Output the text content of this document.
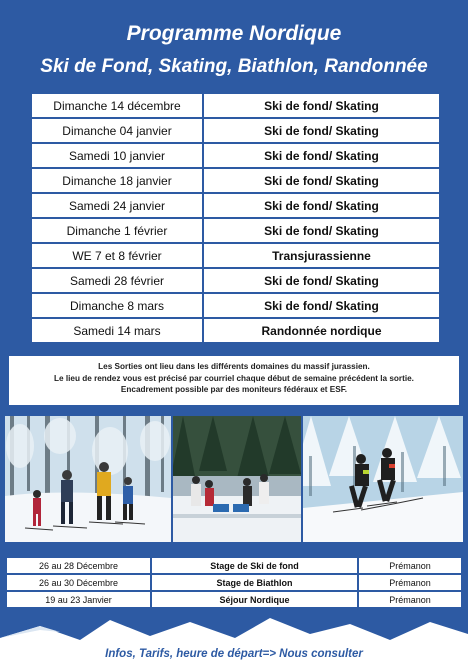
Programme Nordique
Ski de Fond, Skating, Biathlon, Randonnée
Dimanche 14 décembre	Ski de fond/ Skating
Dimanche 04 janvier	Ski de fond/ Skating
Samedi 10 janvier	Ski de fond/ Skating
Dimanche 18 janvier	Ski de fond/ Skating
Samedi 24 janvier	Ski de fond/ Skating
Dimanche 1 février	Ski de fond/ Skating
WE 7 et 8 février	Transjurassienne
Samedi 28 février	Ski de fond/ Skating
Dimanche 8 mars	Ski de fond/ Skating
Samedi 14 mars	Randonnée nordique
Les Sorties ont lieu dans les différents domaines du massif jurassien.
Le lieu de rendez vous est précisé par courriel chaque début de semaine précédent la sortie.
Encadrement possible par des moniteurs fédéraux et ESF.
26 au 28 Décembre	Stage de Ski de fond	Prémanon
26 au 30 Décembre	Stage de Biathlon	Prémanon
19 au 23 Janvier	Séjour Nordique	Prémanon
Infos, Tarifs, heure de départ=> Nous consulter
